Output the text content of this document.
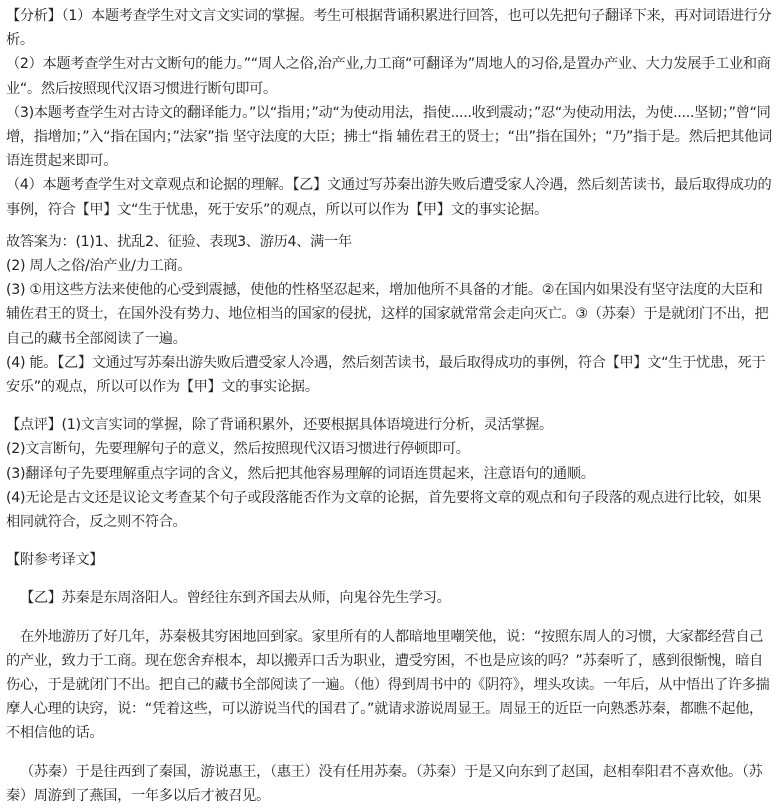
【分析】（1）本题考查学生对文言文实词的掌握。考生可根据背诵积累进行回答，也可以先把句子翻译下来，再对词语进行分析。

（2）本题考查学生对古文断句的能力。”“周人之俗,治产业,力工商“可翻译为”周地人的习俗,是置办产业、大力发展手工业和商业“。然后按照现代汉语习惯进行断句即可。

（3)本题考查学生对古诗文的翻译能力。”以“指用；”动“为使动用法，指使.....收到震动；”忍“为使动用法，为使.....坚韧；”曾“同增，指增加；”入“指在国内；”法家”指 坚守法度的大臣；拂士“指 辅佐君王的贤士；“出”指在国外；“乃”指于是。然后把其他词语连贯起来即可。

（4）本题考查学生对文章观点和论据的理解。【乙】文通过写苏秦出游失败后遭受家人冷遇，然后刻苦读书，最后取得成功的事例，符合【甲】文“生于忧患，死于安乐”的观点，所以可以作为【甲】文的事实论据。

故答案为：(1)1、扰乱2、征验、表现3、游历4、满一年

(2) 周人之俗/治产业/力工商。

(3) ①用这些方法来使他的心受到震撼，使他的性格坚忍起来，增加他所不具备的才能。②在国内如果没有坚守法度的大臣和辅佐君王的贤士，在国外没有势力、地位相当的国家的侵扰，这样的国家就常常会走向灭亡。③（苏秦）于是就闭门不出，把自己的藏书全部阅读了一遍。

(4) 能。【乙】文通过写苏秦出游失败后遭受家人冷遇，然后刻苦读书，最后取得成功的事例，符合【甲】文“生于忧患，死于安乐”的观点，所以可以作为【甲】文的事实论据。

【点评】(1)文言实词的掌握，除了背诵积累外，还要根据具体语境进行分析，灵活掌握。

(2)文言断句，先要理解句子的意义，然后按照现代汉语习惯进行停顿即可。

(3)翻译句子先要理解重点字词的含义，然后把其他容易理解的词语连贯起来，注意语句的通顺。

(4)无论是古文还是议论文考查某个句子或段落能否作为文章的论据，首先要将文章的观点和句子段落的观点进行比较，如果相同就符合，反之则不符合。

【附参考译文】

【乙】苏秦是东周洛阳人。曾经往东到齐国去从师，向鬼谷先生学习。

在外地游历了好几年，苏秦极其穷困地回到家。家里所有的人都暗地里嘲笑他，说：“按照东周人的习惯，大家都经营自己的产业，致力于工商。现在您舍弃根本，却以搬弄口舌为职业，遭受穷困，不也是应该的吗？”苏秦听了，感到很惭愧，暗自伤心，于是就闭门不出。把自己的藏书全部阅读了一遍。（他）得到周书中的《阴符》，埋头攻读。一年后，从中悟出了许多揣摩人心理的诀窍，说：“凭着这些，可以游说当代的国君了。”就请求游说周显王。周显王的近臣一向熟悉苏秦，都瞧不起他，不相信他的话。

（苏秦）于是往西到了秦国，游说惠王，（惠王）没有任用苏秦。（苏秦）于是又向东到了赵国，赵相奉阳君不喜欢他。（苏秦）周游到了燕国，一年多以后才被召见。
